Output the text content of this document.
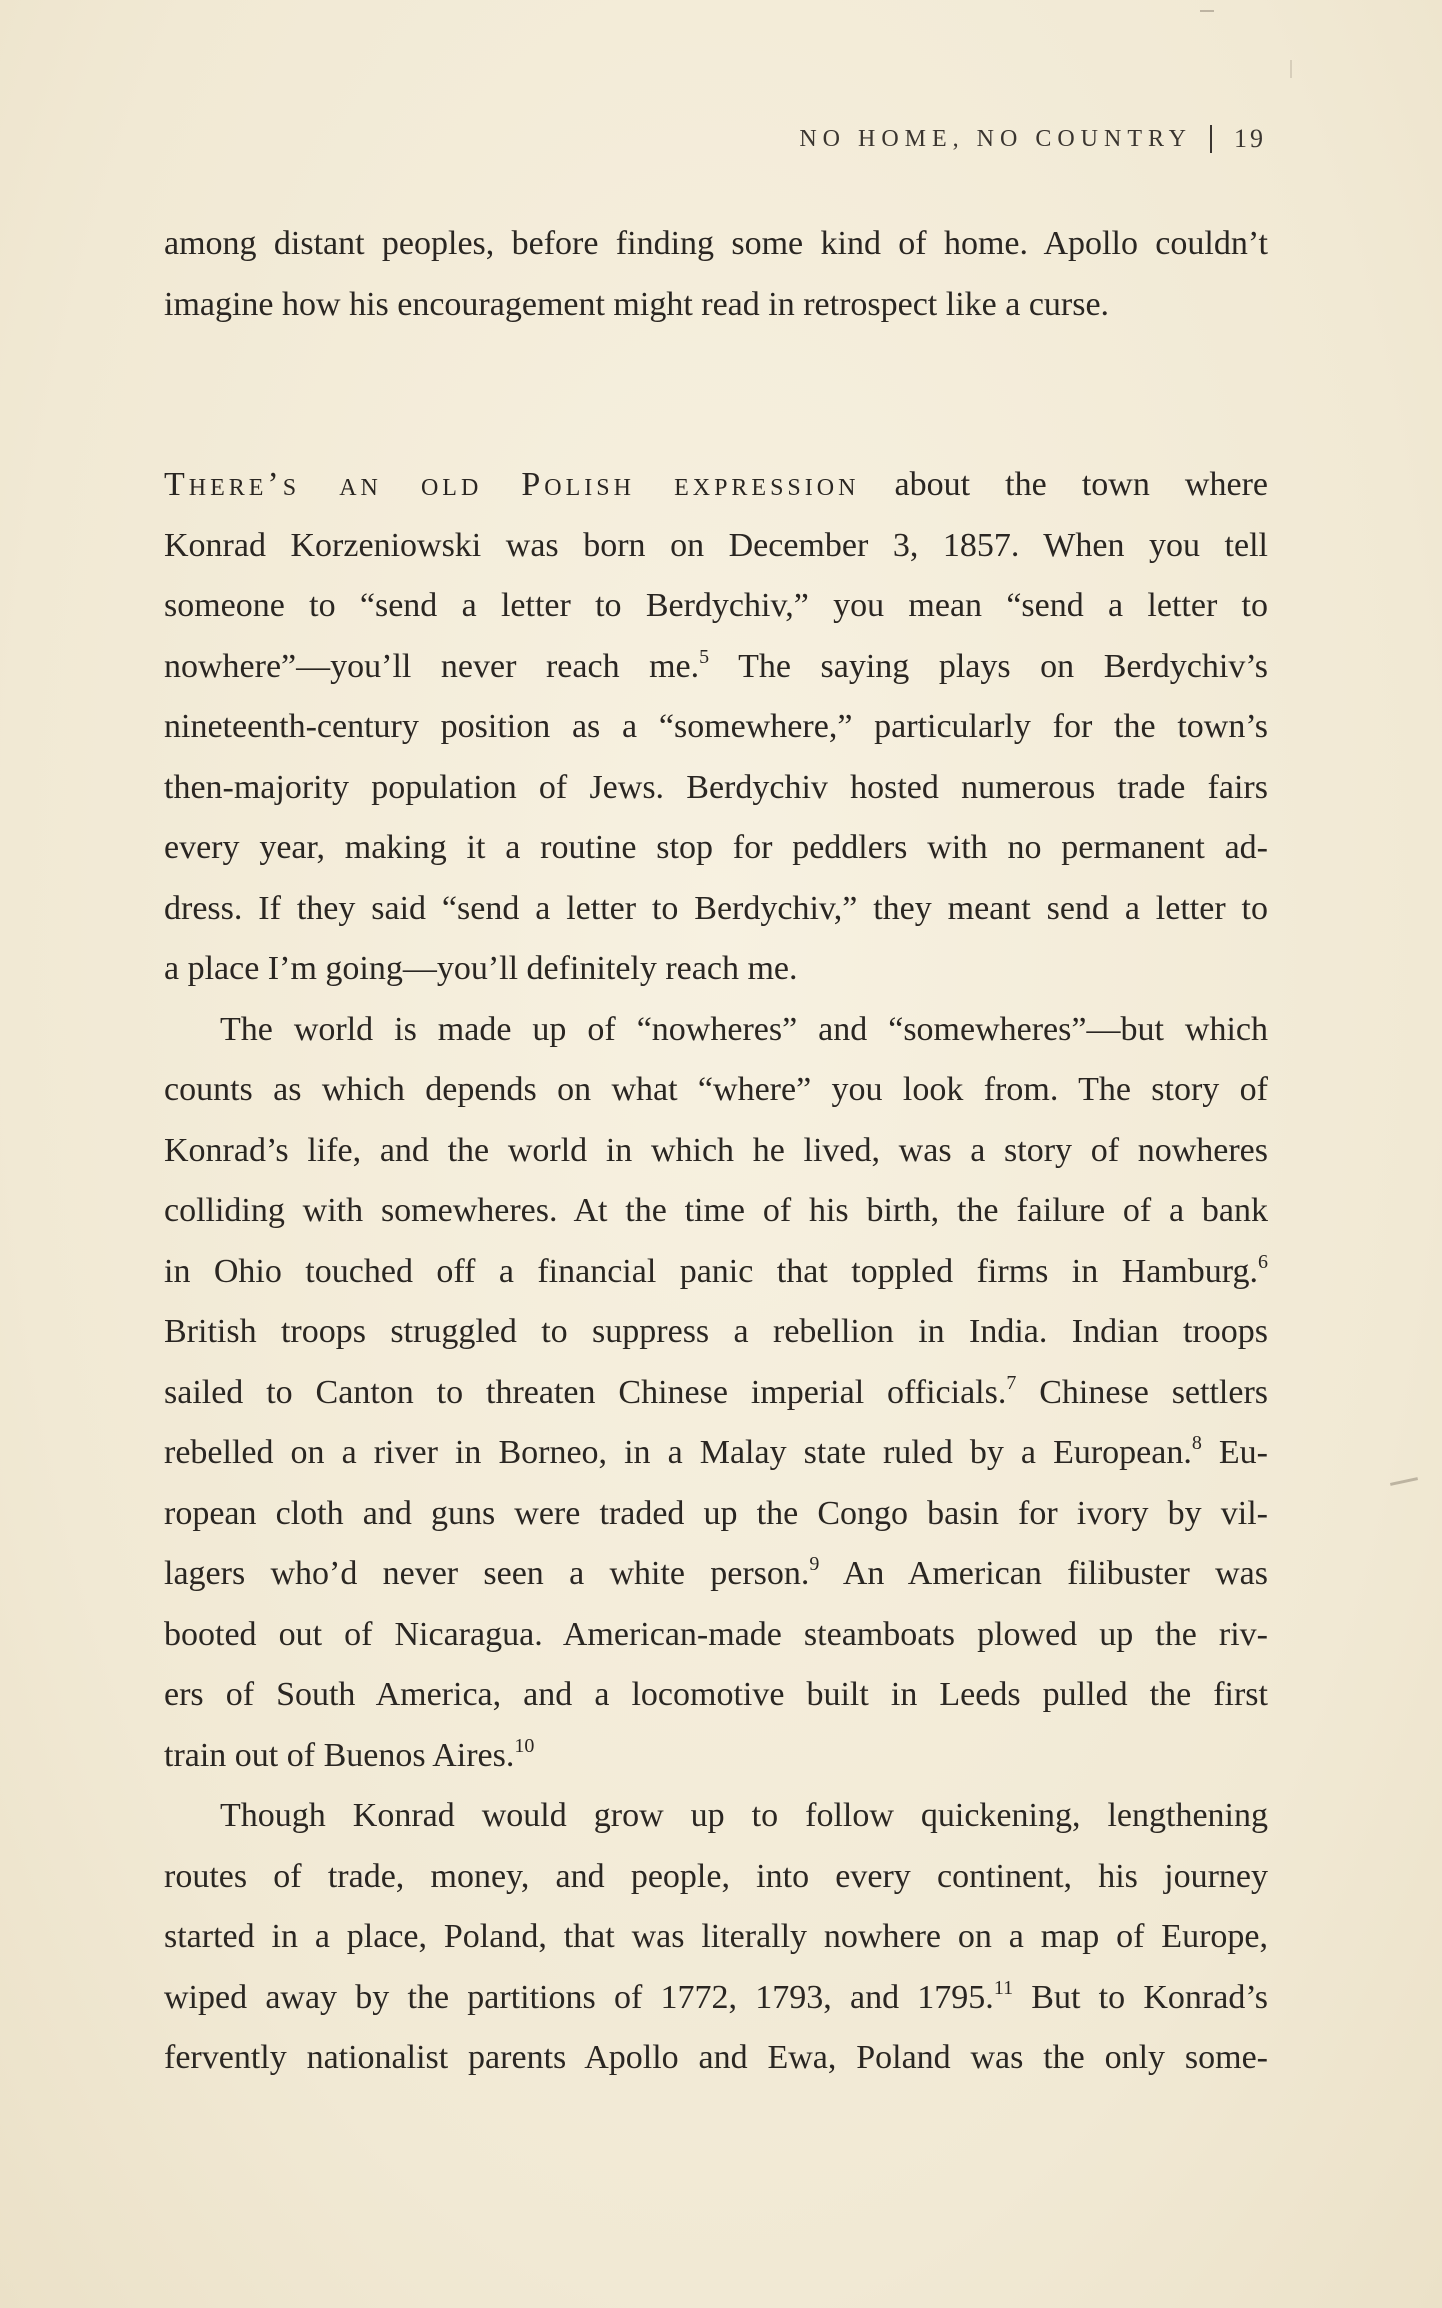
NO HOME, NO COUNTRY 19
among distant peoples, before finding some kind of home. Apollo couldn’t
imagine how his encouragement might read in retrospect like a curse.
There’s an old Polish expression about the town where
Konrad Korzeniowski was born on December 3, 1857. When you tell
someone to “send a letter to Berdychiv,” you mean “send a letter to
nowhere”—you’ll never reach me.$^5$ The saying plays on Berdychiv’s
nineteenth-century position as a “somewhere,” particularly for the town’s
then-majority population of Jews. Berdychiv hosted numerous trade fairs
every year, making it a routine stop for peddlers with no permanent ad-
dress. If they said “send a letter to Berdychiv,” they meant send a letter to
a place I’m going—you’ll definitely reach me.
The world is made up of “nowheres” and “somewheres”—but which
counts as which depends on what “where” you look from. The story of
Konrad’s life, and the world in which he lived, was a story of nowheres
colliding with somewheres. At the time of his birth, the failure of a bank
in Ohio touched off a financial panic that toppled firms in Hamburg.$^6$
British troops struggled to suppress a rebellion in India. Indian troops
sailed to Canton to threaten Chinese imperial officials.$^7$ Chinese settlers
rebelled on a river in Borneo, in a Malay state ruled by a European.$^8$ Eu-
ropean cloth and guns were traded up the Congo basin for ivory by vil-
lagers who’d never seen a white person.$^9$ An American filibuster was
booted out of Nicaragua. American-made steamboats plowed up the riv-
ers of South America, and a locomotive built in Leeds pulled the first
train out of Buenos Aires.$^{10}$
Though Konrad would grow up to follow quickening, lengthening
routes of trade, money, and people, into every continent, his journey
started in a place, Poland, that was literally nowhere on a map of Europe,
wiped away by the partitions of 1772, 1793, and 1795.11 But to Konrad’s
fervently nationalist parents Apollo and Ewa, Poland was the only some-
